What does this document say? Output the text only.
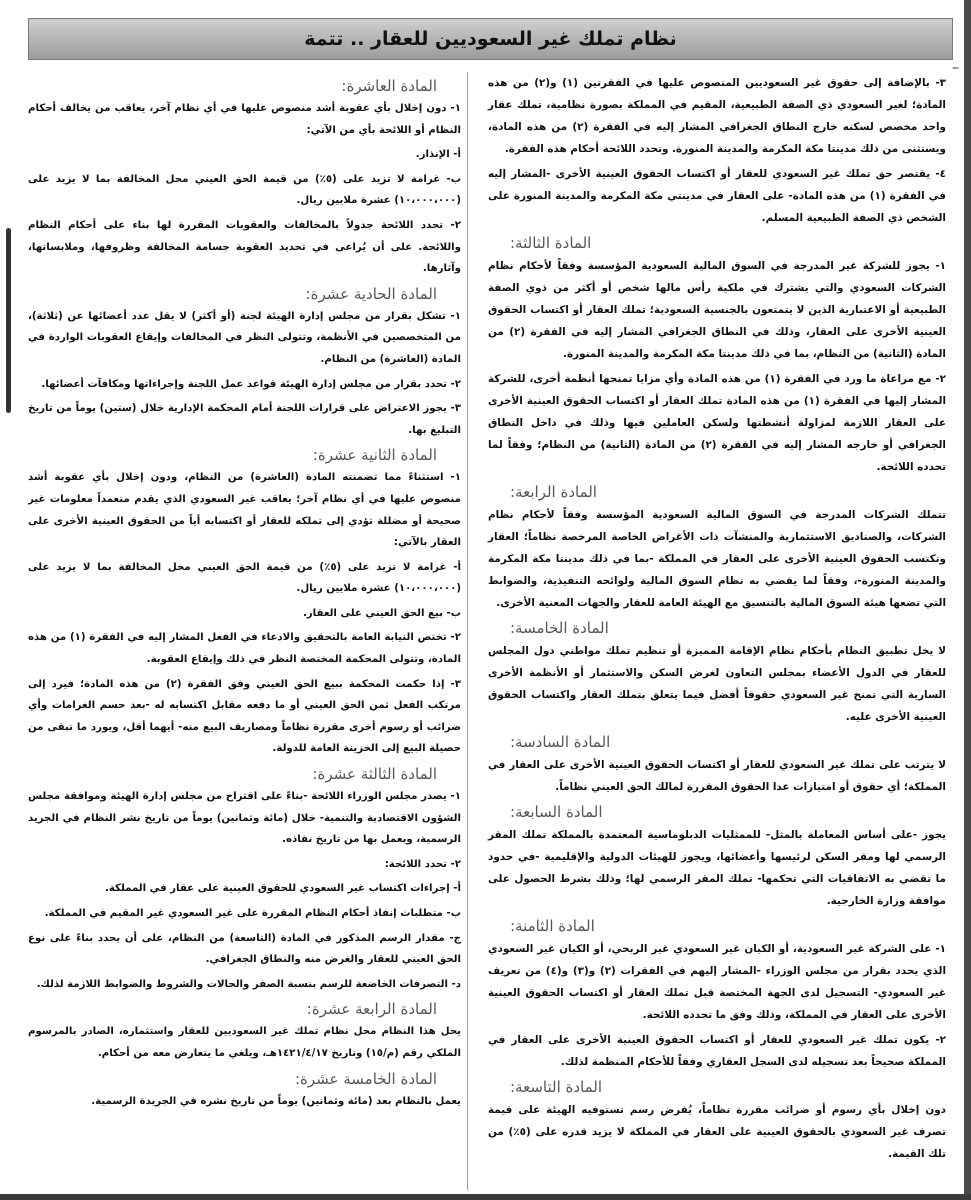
–
نظام تملك غير السعوديين للعقار .. تتمة

٣- بالإضافة إلى حقوق غير السعوديين المنصوص عليها في الفقرتين (١) و(٢) من هذه المادة؛ لغير السعودي ذي الصفة الطبيعية، المقيم في المملكة بصورة نظامية، تملك عقار واحد مخصص لسكنه خارج النطاق الجغرافي المشار إليه في الفقرة (٢) من هذه المادة، ويستثنى من ذلك مدينتا مكة المكرمة والمدينة المنورة. وتحدد اللائحة أحكام هذه الفقرة.

٤- يقتصر حق تملك غير السعودي للعقار أو اكتساب الحقوق العينية الأخرى -المشار إليه في الفقرة (١) من هذه المادة- على العقار في مدينتي مكة المكرمة والمدينة المنورة على الشخص ذي الصفة الطبيعية المسلم.

المادة الثالثة:

١- يجوز للشركة غير المدرجة في السوق المالية السعودية المؤسسة وفقاً لأحكام نظام الشركات السعودي والتي يشترك في ملكية رأس مالها شخص أو أكثر من ذوي الصفة الطبيعية أو الاعتبارية الذين لا يتمتعون بالجنسية السعودية؛ تملك العقار أو اكتساب الحقوق العينية الأخرى على العقار، وذلك في النطاق الجغرافي المشار إليه في الفقرة (٢) من المادة (الثانية) من النظام، بما في ذلك مدينتا مكة المكرمة والمدينة المنورة.

٢- مع مراعاة ما ورد في الفقرة (١) من هذه المادة وأي مزايا تمنحها أنظمة أخرى، للشركة المشار إليها في الفقرة (١) من هذه المادة تملك العقار أو اكتساب الحقوق العينية الأخرى على العقار اللازمة لمزاولة أنشطتها ولسكن العاملين فيها وذلك في داخل النطاق الجغرافي أو خارجه المشار إليه في الفقرة (٢) من المادة (الثانية) من النظام؛ وفقاً لما تحدده اللائحة.

المادة الرابعة:

تتملك الشركات المدرجة في السوق المالية السعودية المؤسسة وفقاً لأحكام نظام الشركات، والصناديق الاستثمارية والمنشآت ذات الأغراض الخاصة المرخصة نظاماً؛ العقار وتكتسب الحقوق العينية الأخرى على العقار في المملكة -بما في ذلك مدينتا مكة المكرمة والمدينة المنورة-، وفقاً لما يقضي به نظام السوق المالية ولوائحه التنفيذية، والضوابط التي تضعها هيئة السوق المالية بالتنسيق مع الهيئة العامة للعقار والجهات المعنية الأخرى.

المادة الخامسة:

لا يخل تطبيق النظام بأحكام نظام الإقامة المميزة أو تنظيم تملك مواطني دول المجلس للعقار في الدول الأعضاء بمجلس التعاون لغرض السكن والاستثمار أو الأنظمة الأخرى السارية التي تمنح غير السعودي حقوقاً أفضل فيما يتعلق بتملك العقار واكتساب الحقوق العينية الأخرى عليه.

المادة السادسة:

لا يترتب على تملك غير السعودي للعقار أو اكتساب الحقوق العينية الأخرى على العقار في المملكة؛ أي حقوق أو امتيازات عدا الحقوق المقررة لمالك الحق العيني نظاماً.

المادة السابعة:

يجوز -على أساس المعاملة بالمثل- للممثليات الدبلوماسية المعتمدة بالمملكة تملك المقر الرسمي لها ومقر السكن لرئيسها وأعضائها، ويجوز للهيئات الدولية والإقليمية -في حدود ما تقضي به الاتفاقيات التي تحكمها- تملك المقر الرسمي لها؛ وذلك بشرط الحصول على موافقة وزارة الخارجية.

المادة الثامنة:

١- على الشركة غير السعودية، أو الكيان غير السعودي غير الربحي، أو الكيان غير السعودي الذي يحدد بقرار من مجلس الوزراء -المشار إليهم في الفقرات (٢) و(٣) و(٤) من تعريف غير السعودي- التسجيل لدى الجهة المختصة قبل تملك العقار أو اكتساب الحقوق العينية الأخرى على العقار في المملكة، وذلك وفق ما تحدده اللائحة.

٢- يكون تملك غير السعودي للعقار أو اكتساب الحقوق العينية الأخرى على العقار في المملكة صحيحاً بعد تسجيله لدى السجل العقاري وفقاً للأحكام المنظمة لذلك.

المادة التاسعة:

دون إخلال بأي رسوم أو ضرائب مقررة نظاماً، يُفرض رسم تستوفيه الهيئة على قيمة تصرف غير السعودي بالحقوق العينية على العقار في المملكة لا يزيد قدره على (٥٪) من تلك القيمة.

المادة العاشرة:

١- دون إخلال بأي عقوبة أشد منصوص عليها في أي نظام آخر، يعاقب من يخالف أحكام النظام أو اللائحة بأي من الآتي:

أ- الإنذار.

ب- غرامة لا تزيد على (٥٪) من قيمة الحق العيني محل المخالفة بما لا يزيد على (١٠،٠٠٠،٠٠٠) عشرة ملايين ريال.

٢- تحدد اللائحة جدولاً بالمخالفات والعقوبات المقررة لها بناء على أحكام النظام واللائحة. على أن يُراعى في تحديد العقوبة جسامة المخالفة وظروفها، وملابساتها، وآثارها.

المادة الحادية عشرة:

١- تشكل بقرار من مجلس إدارة الهيئة لجنة (أو أكثر) لا يقل عدد أعضائها عن (ثلاثة)، من المتخصصين في الأنظمة، وتتولى النظر في المخالفات وإيقاع العقوبات الواردة في المادة (العاشرة) من النظام.

٢- تحدد بقرار من مجلس إدارة الهيئة قواعد عمل اللجنة وإجراءاتها ومكافآت أعضائها.

٣- يجوز الاعتراض على قرارات اللجنة أمام المحكمة الإدارية خلال (ستين) يوماً من تاريخ التبليغ بها.

المادة الثانية عشرة:

١- استثناءً مما تضمنته المادة (العاشرة) من النظام، ودون إخلال بأي عقوبة أشد منصوص عليها في أي نظام آخر؛ يعاقب غير السعودي الذي يقدم متعمداً معلومات غير صحيحة أو مضللة تؤدي إلى تملكه للعقار أو اكتسابه أياً من الحقوق العينية الأخرى على العقار بالآتي:

أ- غرامة لا تزيد على (٥٪) من قيمة الحق العيني محل المخالفة بما لا يزيد على (١٠،٠٠٠،٠٠٠) عشرة ملايين ريال.

ب- بيع الحق العيني على العقار.

٢- تختص النيابة العامة بالتحقيق والادعاء في الفعل المشار إليه في الفقرة (١) من هذه المادة، وتتولى المحكمة المختصة النظر في ذلك وإيقاع العقوبة.

٣- إذا حكمت المحكمة ببيع الحق العيني وفق الفقرة (٢) من هذه المادة؛ فيرد إلى مرتكب الفعل ثمن الحق العيني أو ما دفعه مقابل اكتسابه له -بعد حسم الغرامات وأي ضرائب أو رسوم أخرى مقررة نظاماً ومصاريف البيع منه- أيهما أقل، ويورد ما تبقى من حصيلة البيع إلى الخزينة العامة للدولة.

المادة الثالثة عشرة:

١- يصدر مجلس الوزراء اللائحة -بناءً على اقتراح من مجلس إدارة الهيئة وموافقة مجلس الشؤون الاقتصادية والتنمية- خلال (مائة وثمانين) يوماً من تاريخ نشر النظام في الجريد الرسمية، ويعمل بها من تاريخ نفاذه.

٢- تحدد اللائحة:

أ- إجراءات اكتساب غير السعودي للحقوق العينية على عقار في المملكة.

ب- متطلبات إنفاذ أحكام النظام المقررة على غير السعودي غير المقيم في المملكة.

ج- مقدار الرسم المذكور في المادة (التاسعة) من النظام، على أن يحدد بناءً على نوع الحق العيني للعقار والغرض منه والنطاق الجغرافي.

د- التصرفات الخاضعة للرسم بنسبة الصفر والحالات والشروط والضوابط اللازمة لذلك.

المادة الرابعة عشرة:

يحل هذا النظام محل نظام تملك غير السعوديين للعقار واستثماره، الصادر بالمرسوم الملكي رقم (م/١٥) وتاريخ ١٤٢١/٤/١٧هـ، ويلغي ما يتعارض معه من أحكام.

المادة الخامسة عشرة:

يعمل بالنظام بعد (مائة وثمانين) يوماً من تاريخ نشره في الجريدة الرسمية.
